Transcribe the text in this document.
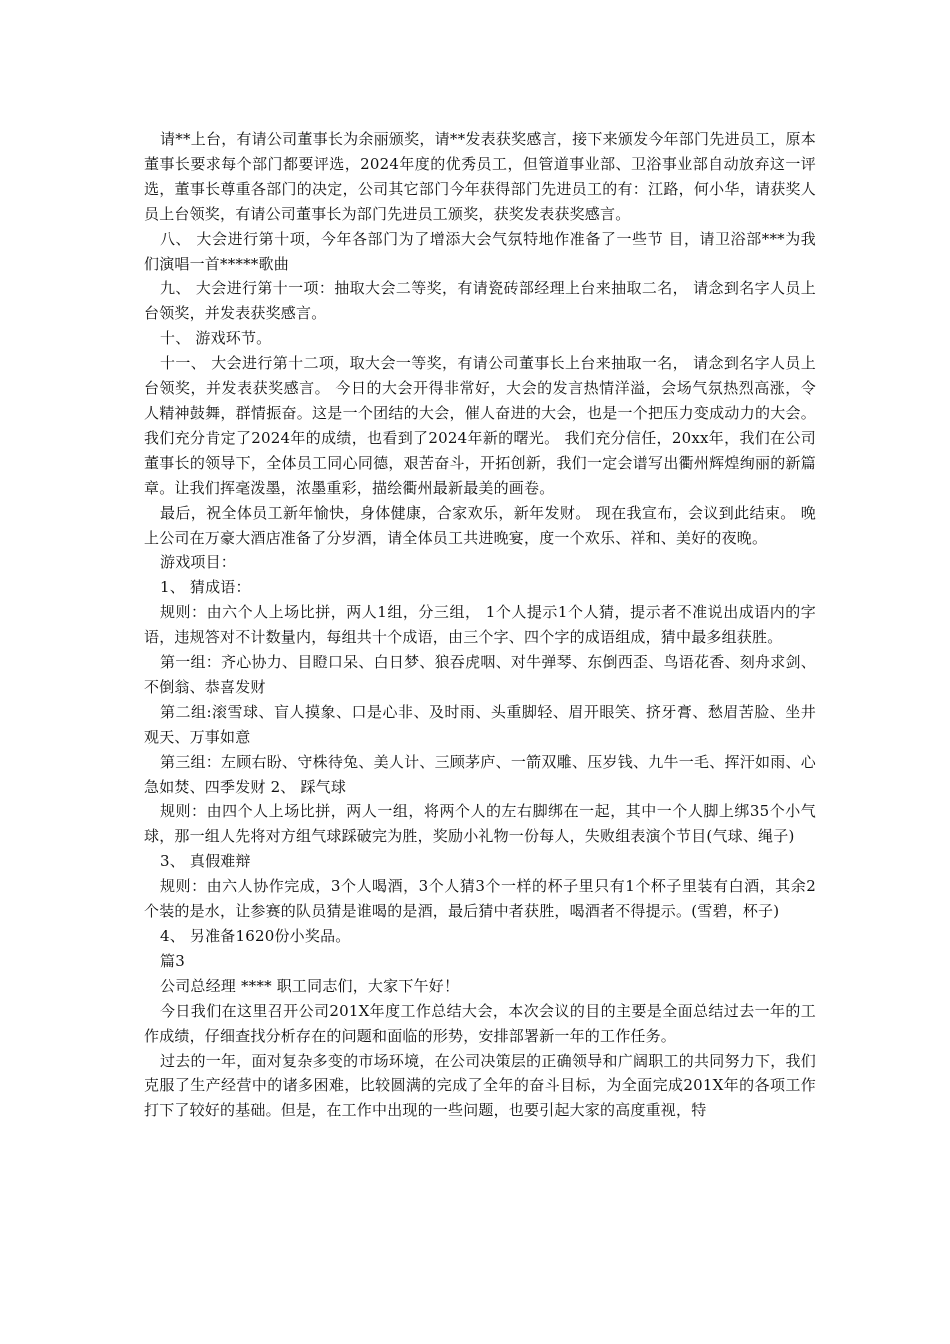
请**上台，有请公司董事长为余丽颁奖，请**发表获奖感言，接下来颁发今年部门先进员工，原本董事长要求每个部门都要评选，2024年度的优秀员工，但管道事业部、卫浴事业部自动放弃这一评选，董事长尊重各部门的决定，公司其它部门今年获得部门先进员工的有：江路，何小华，请获奖人员上台领奖，有请公司董事长为部门先进员工颁奖，获奖发表获奖感言。

八、 大会进行第十项，今年各部门为了增添大会气氛特地作准备了一些节 目，请卫浴部***为我们演唱一首*****歌曲

九、 大会进行第十一项：抽取大会二等奖，有请瓷砖部经理上台来抽取二名， 请念到名字人员上台领奖，并发表获奖感言。

十、 游戏环节。

十一、 大会进行第十二项，取大会一等奖，有请公司董事长上台来抽取一名， 请念到名字人员上台领奖，并发表获奖感言。 今日的大会开得非常好，大会的发言热情洋溢，会场气氛热烈高涨，令人精神鼓舞，群情振奋。这是一个团结的大会，催人奋进的大会，也是一个把压力变成动力的大会。我们充分肯定了2024年的成绩，也看到了2024年新的曙光。 我们充分信任，20xx年，我们在公司董事长的领导下，全体员工同心同德，艰苦奋斗，开拓创新，我们一定会谱写出衢州辉煌绚丽的新篇章。让我们挥毫泼墨，浓墨重彩，描绘衢州最新最美的画卷。

最后，祝全体员工新年愉快，身体健康，合家欢乐，新年发财。 现在我宣布，会议到此结束。 晚上公司在万豪大酒店准备了分岁酒，请全体员工共进晚宴，度一个欢乐、祥和、美好的夜晚。

游戏项目：

1、 猜成语：

规则：由六个人上场比拼，两人1组，分三组， 1个人提示1个人猜，提示者不准说出成语内的字语，违规答对不计数量内，每组共十个成语，由三个字、四个字的成语组成，猜中最多组获胜。

第一组：齐心协力、目瞪口呆、白日梦、狼吞虎咽、对牛弹琴、东倒西歪、鸟语花香、刻舟求剑、不倒翁、恭喜发财

第二组:滚雪球、盲人摸象、口是心非、及时雨、头重脚轻、眉开眼笑、挤牙膏、愁眉苦脸、坐井观天、万事如意

第三组：左顾右盼、守株待兔、美人计、三顾茅庐、一箭双雕、压岁钱、九牛一毛、挥汗如雨、心急如焚、四季发财 2、 踩气球

规则：由四个人上场比拼，两人一组，将两个人的左右脚绑在一起，其中一个人脚上绑35个小气球，那一组人先将对方组气球踩破完为胜，奖励小礼物一份每人，失败组表演个节目(气球、绳子)

3、 真假难辩

规则：由六人协作完成，3个人喝酒，3个人猜3个一样的杯子里只有1个杯子里装有白酒，其余2个装的是水，让参赛的队员猜是谁喝的是酒，最后猜中者获胜，喝酒者不得提示。(雪碧，杯子)

4、 另准备1620份小奖品。

篇3

公司总经理 **** 职工同志们，大家下午好！

今日我们在这里召开公司201X年度工作总结大会，本次会议的目的主要是全面总结过去一年的工作成绩，仔细查找分析存在的问题和面临的形势，安排部署新一年的工作任务。

过去的一年，面对复杂多变的市场环境，在公司决策层的正确领导和广阔职工的共同努力下，我们克服了生产经营中的诸多困难，比较圆满的完成了全年的奋斗目标，为全面完成201X年的各项工作打下了较好的基础。但是，在工作中出现的一些问题，也要引起大家的高度重视，特
